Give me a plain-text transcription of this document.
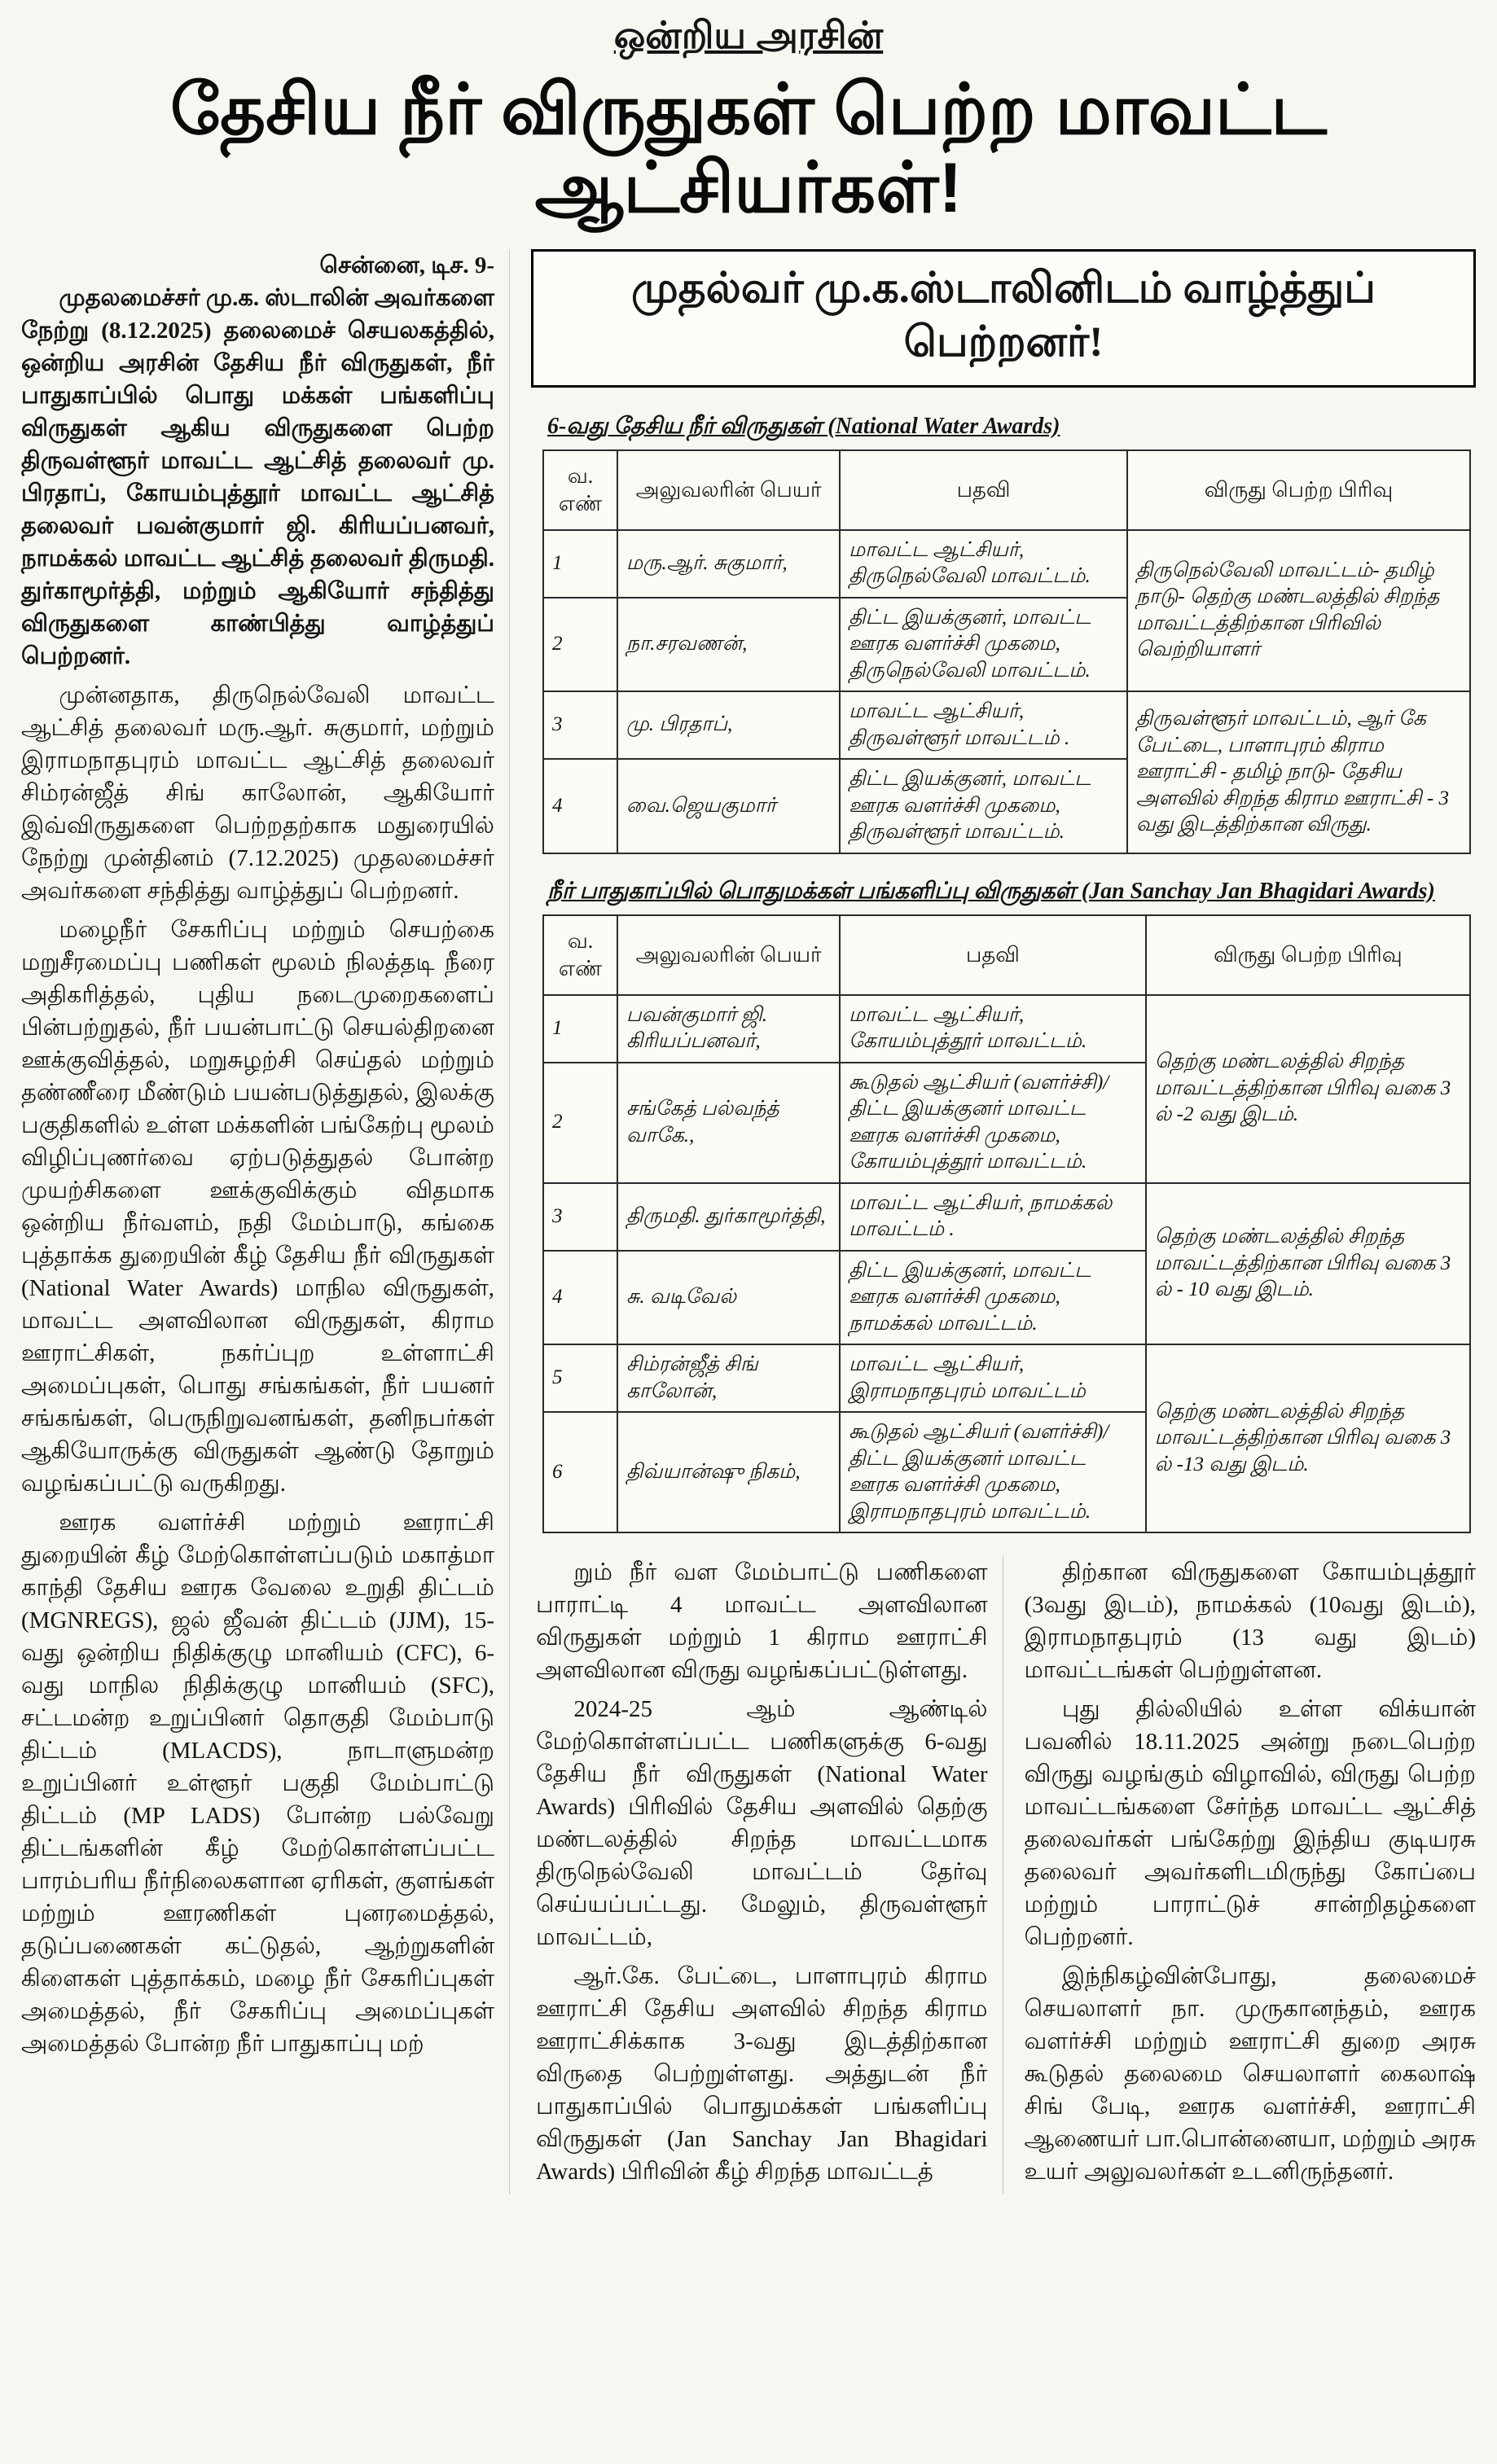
ஒன்றிய அரசின்
தேசிய நீர் விருதுகள் பெற்ற மாவட்ட ஆட்சியர்கள்!

சென்னை, டிச. 9-

முதலமைச்சர் மு.க. ஸ்டாலின் அவர்களை நேற்று (8.12.2025) தலைமைச் செயலகத்தில், ஒன்றிய அரசின் தேசிய நீர் விருதுகள், நீர் பாதுகாப்பில் பொது மக்கள் பங்களிப்பு விருதுகள் ஆகிய விருதுகளை பெற்ற திருவள்ளூர் மாவட்ட ஆட்சித் தலைவர் மு. பிரதாப், கோயம்புத்தூர் மாவட்ட ஆட்சித் தலைவர் பவன்குமார் ஜி. கிரியப்பனவர், நாமக்கல் மாவட்ட ஆட்சித் தலைவர் திருமதி. துர்காமூர்த்தி, மற்றும் ஆகியோர் சந்தித்து விருதுகளை காண்பித்து வாழ்த்துப் பெற்றனர்.

முன்னதாக, திருநெல்வேலி மாவட்ட ஆட்சித் தலைவர் மரு.ஆர். சுகுமார், மற்றும் இராமநாதபுரம் மாவட்ட ஆட்சித் தலைவர் சிம்ரன்ஜீத் சிங் காலோன், ஆகியோர் இவ்விருதுகளை பெற்றதற்காக மதுரையில் நேற்று முன்தினம் (7.12.2025) முதலமைச்சர் அவர்களை சந்தித்து வாழ்த்துப் பெற்றனர்.

மழைநீர் சேகரிப்பு மற்றும் செயற்கை மறுசீரமைப்பு பணிகள் மூலம் நிலத்தடி நீரை அதிகரித்தல், புதிய நடைமுறைகளைப் பின்பற்றுதல், நீர் பயன்பாட்டு செயல்திறனை ஊக்குவித்தல், மறுசுழற்சி செய்தல் மற்றும் தண்ணீரை மீண்டும் பயன்படுத்துதல், இலக்கு பகுதிகளில் உள்ள மக்களின் பங்கேற்பு மூலம் விழிப்புணர்வை ஏற்படுத்துதல் போன்ற முயற்சிகளை ஊக்குவிக்கும் விதமாக ஒன்றிய நீர்வளம், நதி மேம்பாடு, கங்கை புத்தாக்க துறையின் கீழ் தேசிய நீர் விருதுகள் (National Water Awards) மாநில விருதுகள், மாவட்ட அளவிலான விருதுகள், கிராம ஊராட்சிகள், நகர்ப்புற உள்ளாட்சி அமைப்புகள், பொது சங்கங்கள், நீர் பயனர் சங்கங்கள், பெருநிறுவனங்கள், தனிநபர்கள் ஆகியோருக்கு விருதுகள் ஆண்டு தோறும் வழங்கப்பட்டு வருகிறது.

ஊரக வளர்ச்சி மற்றும் ஊராட்சி துறையின் கீழ் மேற்கொள்ளப்படும் மகாத்மா காந்தி தேசிய ஊரக வேலை உறுதி திட்டம் (MGNREGS), ஜல் ஜீவன் திட்டம் (JJM), 15-வது ஒன்றிய நிதிக்குழு மானியம் (CFC), 6-வது மாநில நிதிக்குழு மானியம் (SFC), சட்டமன்ற உறுப்பினர் தொகுதி மேம்பாடு திட்டம் (MLACDS), நாடாளுமன்ற உறுப்பினர் உள்ளூர் பகுதி மேம்பாட்டு திட்டம் (MP LADS) போன்ற பல்வேறு திட்டங்களின் கீழ் மேற்கொள்ளப்பட்ட பாரம்பரிய நீர்நிலைகளான ஏரிகள், குளங்கள் மற்றும் ஊரணிகள் புனரமைத்தல், தடுப்பணைகள் கட்டுதல், ஆற்றுகளின் கிளைகள் புத்தாக்கம், மழை நீர் சேகரிப்புகள் அமைத்தல், நீர் சேகரிப்பு அமைப்புகள் அமைத்தல் போன்ற நீர் பாதுகாப்பு மற்

முதல்வர் மு.க.ஸ்டாலினிடம் வாழ்த்துப் பெற்றனர்!
6-வது தேசிய நீர் விருதுகள் (National Water Awards)
வ. எண்	அலுவலரின் பெயர்	பதவி	விருது பெற்ற பிரிவு
1	மரு.ஆர். சுகுமார்,	மாவட்ட ஆட்சியர், திருநெல்வேலி மாவட்டம்.	திருநெல்வேலி மாவட்டம்- தமிழ் நாடு- தெற்கு மண்டலத்தில் சிறந்த மாவட்டத்திற்கான பிரிவில் வெற்றியாளர்
2	நா.சரவணன்,	திட்ட இயக்குனர், மாவட்ட ஊரக வளர்ச்சி முகமை, திருநெல்வேலி மாவட்டம்.	
3	மு. பிரதாப்,	மாவட்ட ஆட்சியர், திருவள்ளூர் மாவட்டம் .	திருவள்ளூர் மாவட்டம், ஆர் கே பேட்டை, பாளாபுரம் கிராம ஊராட்சி - தமிழ் நாடு- தேசிய அளவில் சிறந்த கிராம ஊராட்சி - 3 வது இடத்திற்கான விருது.
4	வை.ஜெயகுமார்	திட்ட இயக்குனர், மாவட்ட ஊரக வளர்ச்சி முகமை, திருவள்ளூர் மாவட்டம்.	
நீர் பாதுகாப்பில் பொதுமக்கள் பங்களிப்பு விருதுகள் (Jan Sanchay Jan Bhagidari Awards)
வ. எண்	அலுவலரின் பெயர்	பதவி	விருது பெற்ற பிரிவு
1	பவன்குமார் ஜி. கிரியப்பனவர்,	மாவட்ட ஆட்சியர், கோயம்புத்தூர் மாவட்டம்.	தெற்கு மண்டலத்தில் சிறந்த மாவட்டத்திற்கான பிரிவு வகை 3 ல் -2 வது இடம்.
2	சங்கேத் பல்வந்த் வாகே.,	கூடுதல் ஆட்சியர் (வளர்ச்சி)/ திட்ட இயக்குனர் மாவட்ட ஊரக வளர்ச்சி முகமை, கோயம்புத்தூர் மாவட்டம்.	
3	திருமதி. துர்காமூர்த்தி,	மாவட்ட ஆட்சியர், நாமக்கல் மாவட்டம் .	தெற்கு மண்டலத்தில் சிறந்த மாவட்டத்திற்கான பிரிவு வகை 3 ல் - 10 வது இடம்.
4	சு. வடிவேல்	திட்ட இயக்குனர், மாவட்ட ஊரக வளர்ச்சி முகமை, நாமக்கல் மாவட்டம்.	
5	சிம்ரன்ஜீத் சிங் காலோன்,	மாவட்ட ஆட்சியர், இராமநாதபுரம் மாவட்டம்	தெற்கு மண்டலத்தில் சிறந்த மாவட்டத்திற்கான பிரிவு வகை 3 ல் -13 வது இடம்.
6	திவ்யான்ஷு நிகம்,	கூடுதல் ஆட்சியர் (வளர்ச்சி)/ திட்ட இயக்குனர் மாவட்ட ஊரக வளர்ச்சி முகமை, இராமநாதபுரம் மாவட்டம்.	

றும் நீர் வள மேம்பாட்டு பணிகளை பாராட்டி 4 மாவட்ட அளவிலான விருதுகள் மற்றும் 1 கிராம ஊராட்சி அளவிலான விருது வழங்கப்பட்டுள்ளது.

2024-25 ஆம் ஆண்டில் மேற்கொள்ளப்பட்ட பணிகளுக்கு 6-வது தேசிய நீர் விருதுகள் (National Water Awards) பிரிவில் தேசிய அளவில் தெற்கு மண்டலத்தில் சிறந்த மாவட்டமாக திருநெல்வேலி மாவட்டம் தேர்வு செய்யப்பட்டது. மேலும், திருவள்ளூர் மாவட்டம்,

ஆர்.கே. பேட்டை, பாளாபுரம் கிராம ஊராட்சி தேசிய அளவில் சிறந்த கிராம ஊராட்சிக்காக 3-வது இடத்திற்கான விருதை பெற்றுள்ளது. அத்துடன் நீர் பாதுகாப்பில் பொதுமக்கள் பங்களிப்பு விருதுகள் (Jan Sanchay Jan Bhagidari Awards) பிரிவின் கீழ் சிறந்த மாவட்டத்

திற்கான விருதுகளை கோயம்புத்தூர் (3வது இடம்), நாமக்கல் (10வது இடம்), இராமநாதபுரம் (13 வது இடம்) மாவட்டங்கள் பெற்றுள்ளன.

புது தில்லியில் உள்ள விக்யான் பவனில் 18.11.2025 அன்று நடைபெற்ற விருது வழங்கும் விழாவில், விருது பெற்ற மாவட்டங்களை சேர்ந்த மாவட்ட ஆட்சித் தலைவர்கள் பங்கேற்று இந்திய குடியரசு தலைவர் அவர்களிடமிருந்து கோப்பை மற்றும் பாராட்டுச் சான்றிதழ்களை பெற்றனர்.

இந்நிகழ்வின்போது, தலைமைச் செயலாளர் நா. முருகானந்தம், ஊரக வளர்ச்சி மற்றும் ஊராட்சி துறை அரசு கூடுதல் தலைமை செயலாளர் கைலாஷ் சிங் பேடி, ஊரக வளர்ச்சி, ஊராட்சி ஆணையர் பா.பொன்னையா, மற்றும் அரசு உயர் அலுவலர்கள் உடனிருந்தனர்.
